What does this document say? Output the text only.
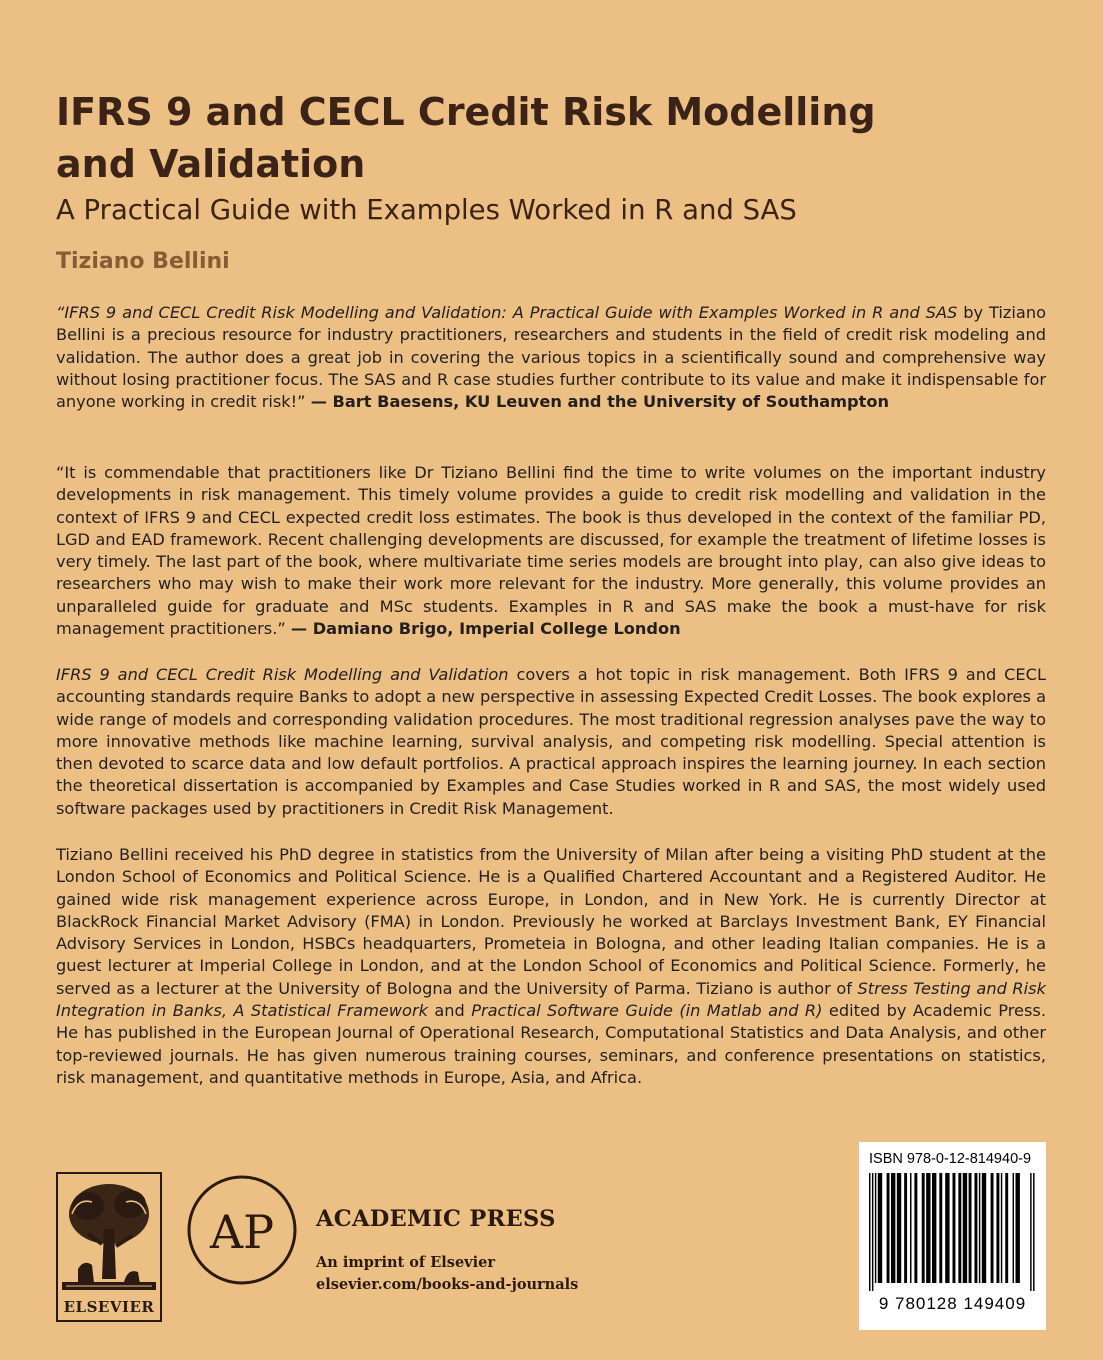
IFRS 9 and CECL Credit Risk Modelling and Validation
A Practical Guide with Examples Worked in R and SAS
Tiziano Bellini

“IFRS 9 and CECL Credit Risk Modelling and Validation: A Practical Guide with Examples Worked in R and SAS by Tiziano Bellini is a precious resource for industry practitioners, researchers and students in the field of credit risk modeling and validation. The author does a great job in covering the various topics in a scientifically sound and comprehensive way without losing practitioner focus. The SAS and R case studies further contribute to its value and make it indispensable for anyone working in credit risk!” — Bart Baesens, KU Leuven and the University of Southampton

“It is commendable that practitioners like Dr Tiziano Bellini find the time to write volumes on the important industry developments in risk management. This timely volume provides a guide to credit risk modelling and validation in the context of IFRS 9 and CECL expected credit loss estimates. The book is thus developed in the context of the familiar PD, LGD and EAD framework. Recent challenging developments are discussed, for example the treatment of lifetime losses is very timely. The last part of the book, where multivariate time series models are brought into play, can also give ideas to researchers who may wish to make their work more relevant for the industry. More generally, this volume provides an unparalleled guide for graduate and MSc students. Examples in R and SAS make the book a must-have for risk management practitioners.” — Damiano Brigo, Imperial College London

IFRS 9 and CECL Credit Risk Modelling and Validation covers a hot topic in risk management. Both IFRS 9 and CECL accounting standards require Banks to adopt a new perspective in assessing Expected Credit Losses. The book explores a wide range of models and corresponding validation procedures. The most traditional regression analyses pave the way to more innovative methods like machine learning, survival analysis, and competing risk modelling. Special attention is then devoted to scarce data and low default portfolios. A practical approach inspires the learning journey. In each section the theoretical dissertation is accompanied by Examples and Case Studies worked in R and SAS, the most widely used software packages used by practitioners in Credit Risk Management.

Tiziano Bellini received his PhD degree in statistics from the University of Milan after being a visiting PhD student at the London School of Economics and Political Science. He is a Qualified Chartered Accountant and a Registered Auditor. He gained wide risk management experience across Europe, in London, and in New York. He is currently Director at BlackRock Financial Market Advisory (FMA) in London. Previously he worked at Barclays Investment Bank, EY Financial Advisory Services in London, HSBCs headquarters, Prometeia in Bologna, and other leading Italian companies. He is a guest lecturer at Imperial College in London, and at the London School of Economics and Political Science. Formerly, he served as a lecturer at the University of Bologna and the University of Parma. Tiziano is author of Stress Testing and Risk Integration in Banks, A Statistical Framework and Practical Software Guide (in Matlab and R) edited by Academic Press. He has published in the European Journal of Operational Research, Computational Statistics and Data Analysis, and other top-reviewed journals. He has given numerous training courses, seminars, and conference presentations on statistics, risk management, and quantitative methods in Europe, Asia, and Africa.

ELSEVIER
AP ACADEMIC PRESS
An imprint of Elsevier
elsevier.com/books-and-journals
ISBN 978-0-12-814940-9
9 780128 149409
